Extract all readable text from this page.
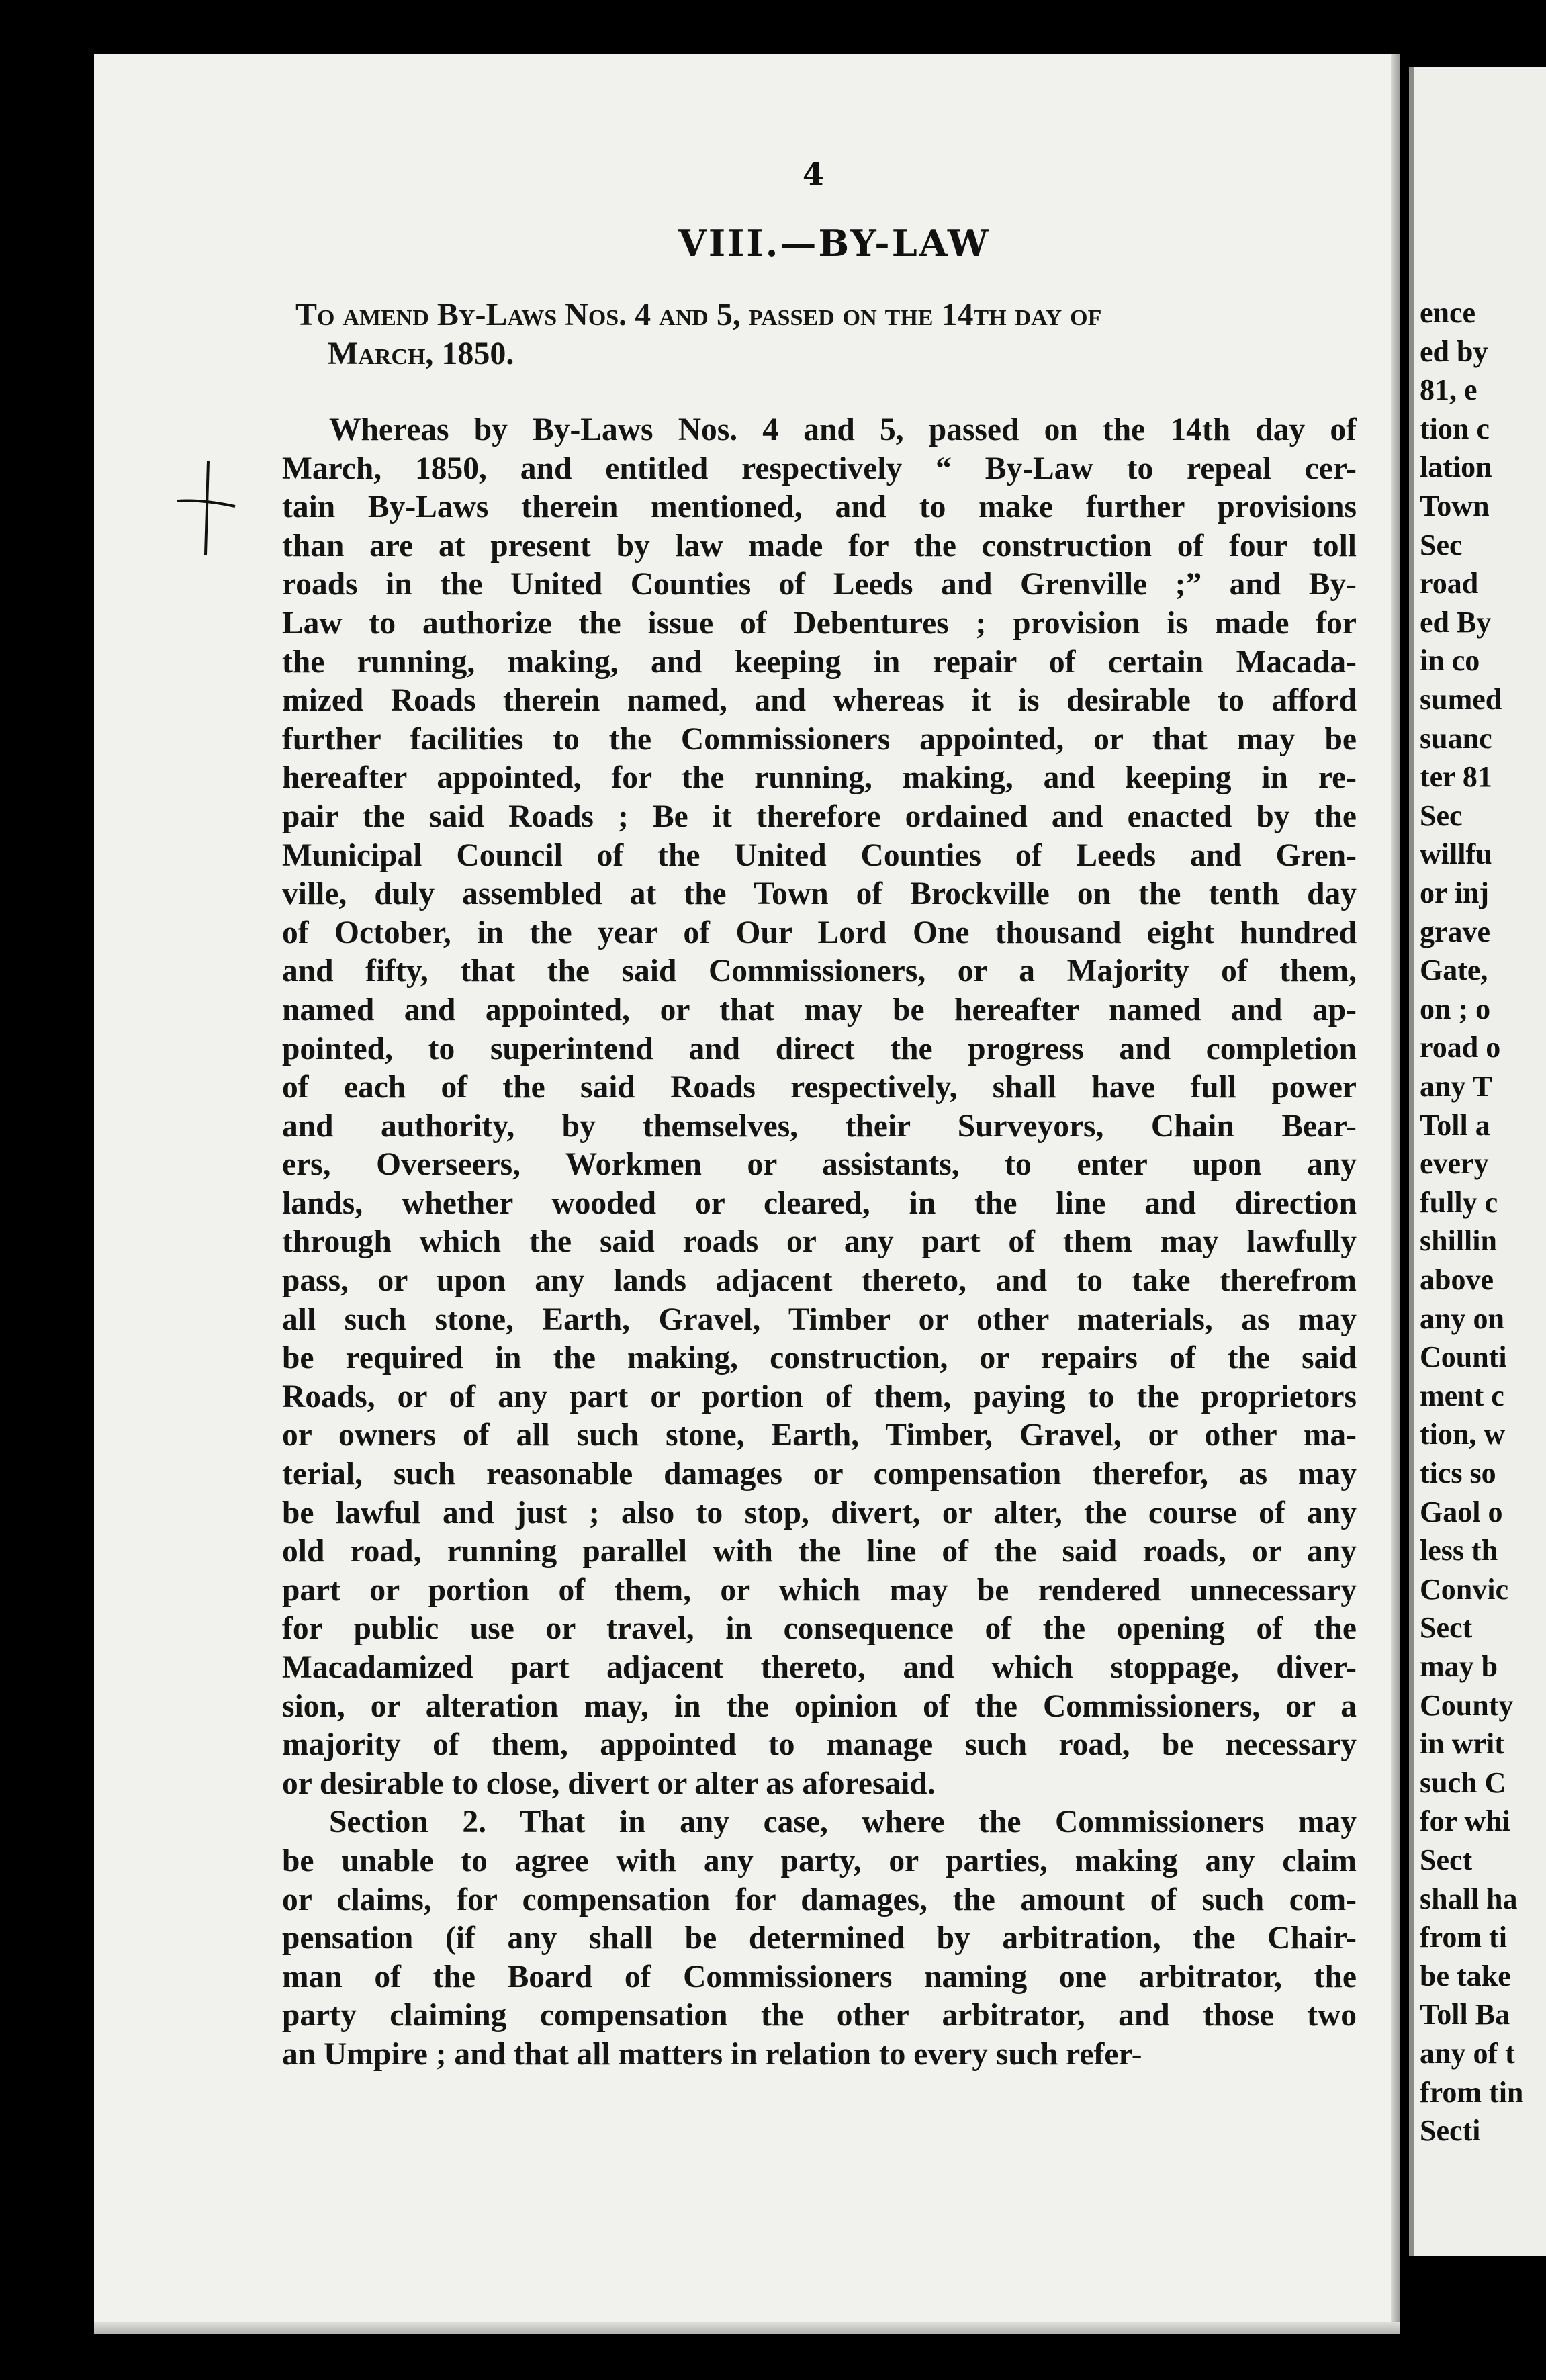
ence
ed by
81, e
tion c
lation
Town
Sec
road
ed By
in co
sumed
suanc
ter 81
Sec
willfu
or inj
grave
Gate,
on ; o
road o
any T
Toll a
every
fully c
shillin
above
any on
Counti
ment c
tion, w
tics so
Gaol o
less th
Convic
Sect
may b
County
in writ
such C
for whi
Sect
shall ha
from ti
be take
Toll Ba
any of t
from tin
Secti
4
VIII.—BY-LAW
To amend By-Laws Nos. 4 and 5, passed on the 14th day of
March, 1850.
Whereas by By-Laws Nos. 4 and 5, passed on the 14th day of
March, 1850, and entitled respectively “ By-Law to repeal cer-
tain By-Laws therein mentioned, and to make further provisions
than are at present by law made for the construction of four toll
roads in the United Counties of Leeds and Grenville ;” and By-
Law to authorize the issue of Debentures ; provision is made for
the running, making, and keeping in repair of certain Macada-
mized Roads therein named, and whereas it is desirable to afford
further facilities to the Commissioners appointed, or that may be
hereafter appointed, for the running, making, and keeping in re-
pair the said Roads ; Be it therefore ordained and enacted by the
Municipal Council of the United Counties of Leeds and Gren-
ville, duly assembled at the Town of Brockville on the tenth day
of October, in the year of Our Lord One thousand eight hundred
and fifty, that the said Commissioners, or a Majority of them,
named and appointed, or that may be hereafter named and ap-
pointed, to superintend and direct the progress and completion
of each of the said Roads respectively, shall have full power
and authority, by themselves, their Surveyors, Chain Bear-
ers, Overseers, Workmen or assistants, to enter upon any
lands, whether wooded or cleared, in the line and direction
through which the said roads or any part of them may lawfully
pass, or upon any lands adjacent thereto, and to take therefrom
all such stone, Earth, Gravel, Timber or other materials, as may
be required in the making, construction, or repairs of the said
Roads, or of any part or portion of them, paying to the proprietors
or owners of all such stone, Earth, Timber, Gravel, or other ma-
terial, such reasonable damages or compensation therefor, as may
be lawful and just ; also to stop, divert, or alter, the course of any
old road, running parallel with the line of the said roads, or any
part or portion of them, or which may be rendered unnecessary
for public use or travel, in consequence of the opening of the
Macadamized part adjacent thereto, and which stoppage, diver-
sion, or alteration may, in the opinion of the Commissioners, or a
majority of them, appointed to manage such road, be necessary
or desirable to close, divert or alter as aforesaid.
Section 2. That in any case, where the Commissioners may
be unable to agree with any party, or parties, making any claim
or claims, for compensation for damages, the amount of such com-
pensation (if any shall be determined by arbitration, the Chair-
man of the Board of Commissioners naming one arbitrator, the
party claiming compensation the other arbitrator, and those two
an Umpire ; and that all matters in relation to every such refer-
